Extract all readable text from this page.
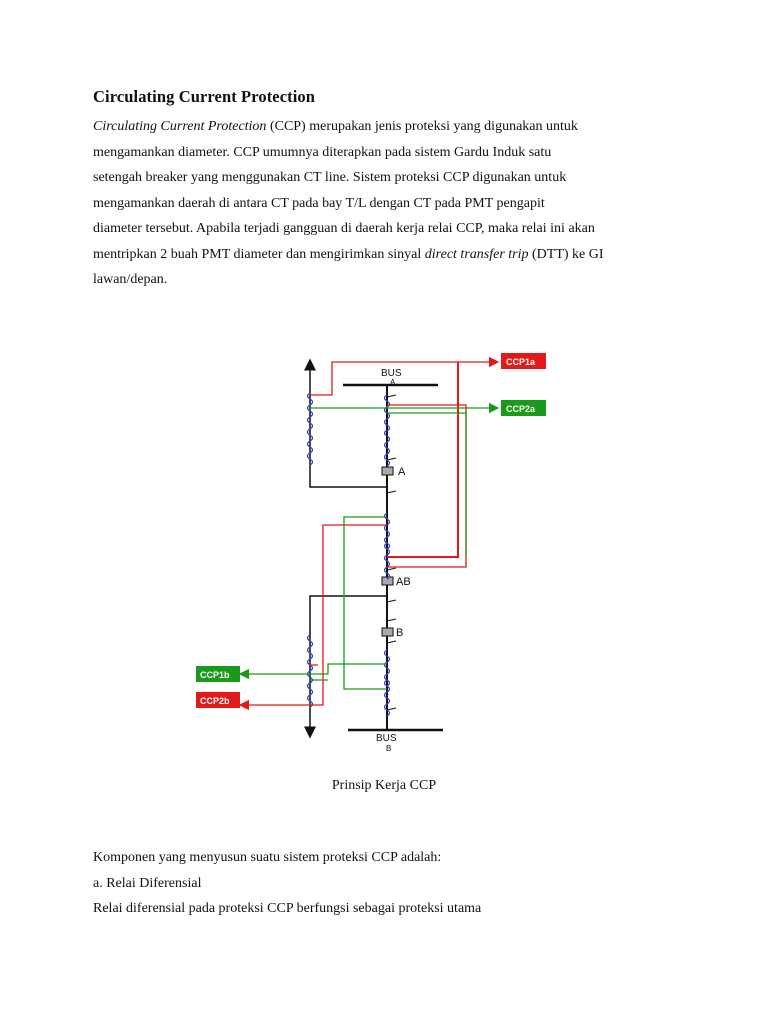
Circulating Current Protection

Circulating Current Protection (CCP) merupakan jenis proteksi yang digunakan untuk
mengamankan diameter. CCP umumnya diterapkan pada sistem Gardu Induk satu
setengah breaker yang menggunakan CT line. Sistem proteksi CCP digunakan untuk
mengamankan daerah di antara CT pada bay T/L dengan CT pada PMT pengapit
diameter tersebut. Apabila terjadi gangguan di daerah kerja relai CCP, maka relai ini akan
mentripkan 2 buah PMT diameter dan mengirimkan sinyal direct transfer trip (DTT) ke GI
lawan/depan.

BUS
A
BUS
B
A
AB
B
CCP1a
CCP2a
CCP1b
CCP2b
Prinsip Kerja CCP
Komponen yang menyusun suatu sistem proteksi CCP adalah:
a. Relai Diferensial
Relai diferensial pada proteksi CCP berfungsi sebagai proteksi utama
